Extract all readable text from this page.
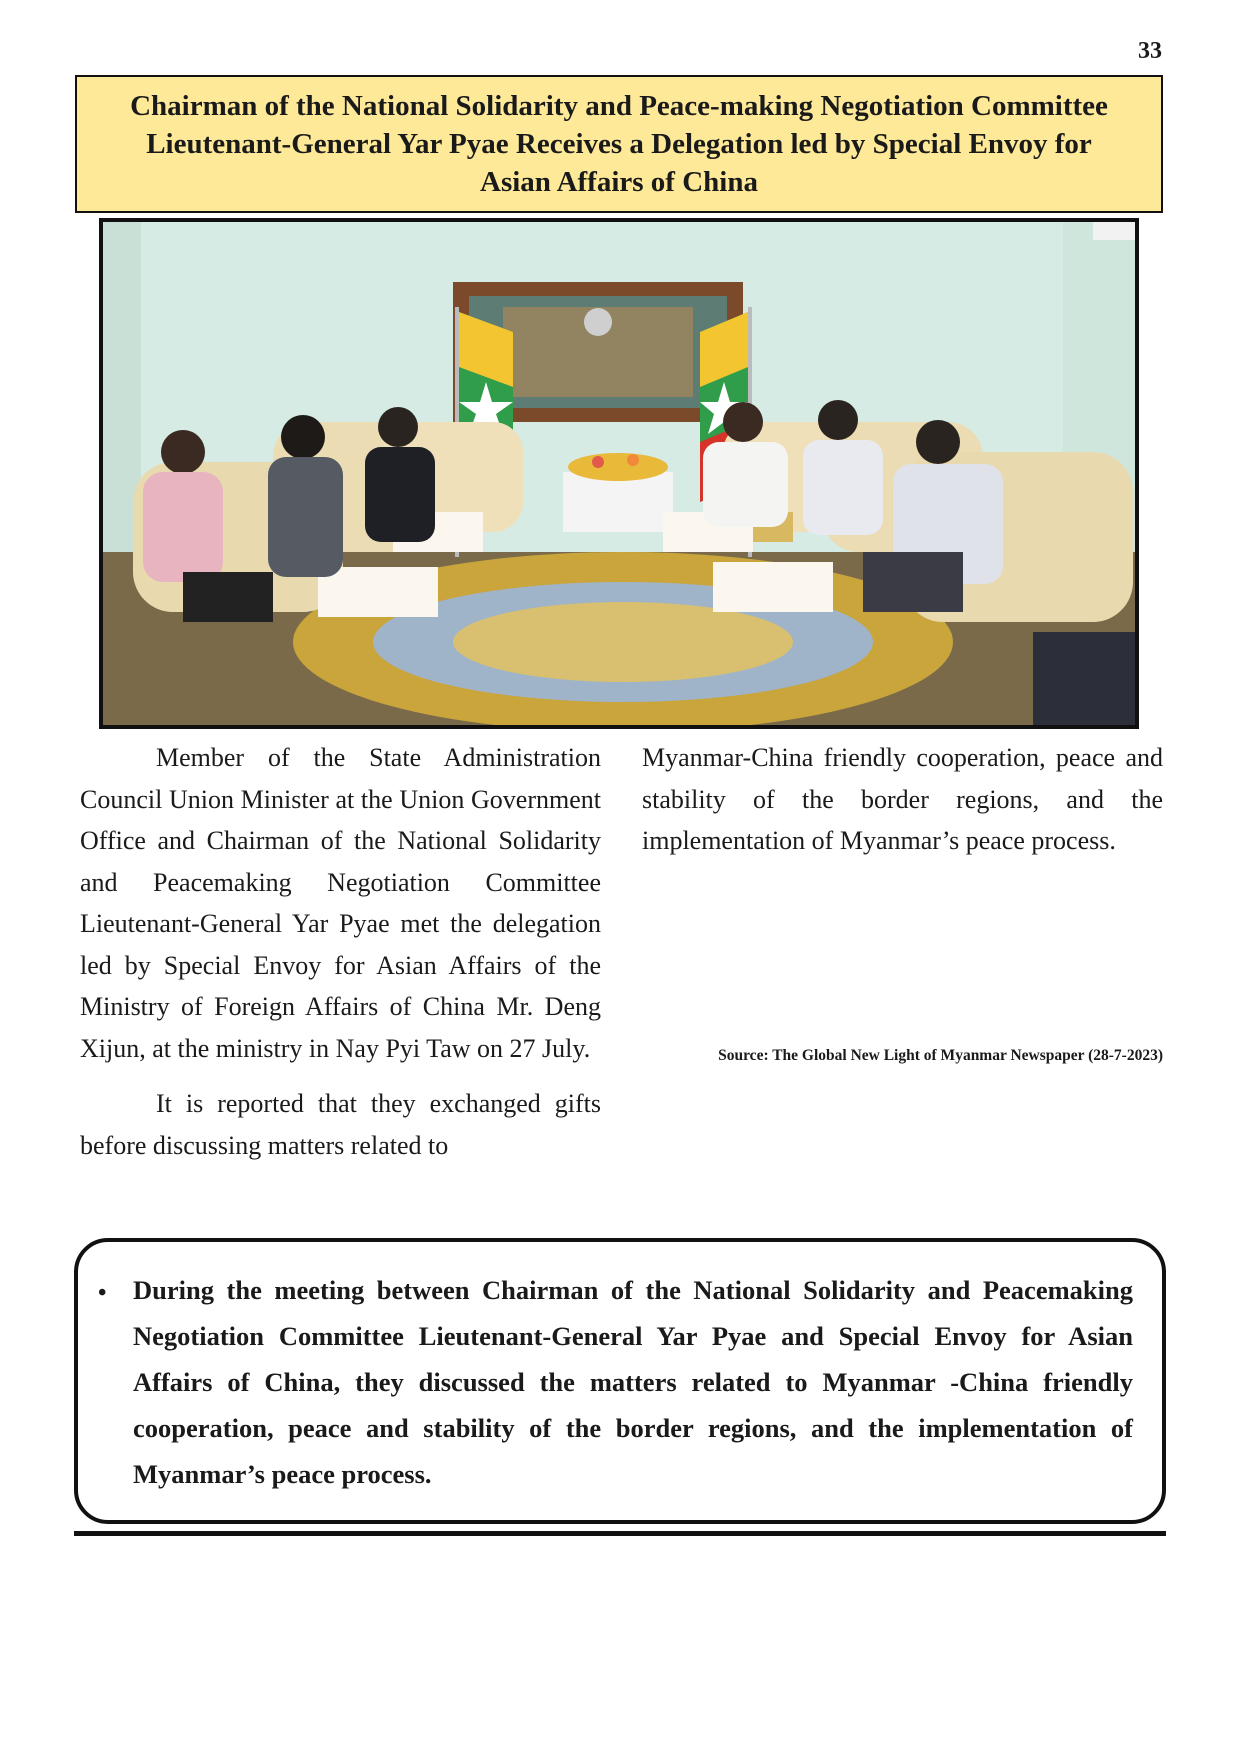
33
Chairman of the National Solidarity and Peace-making Negotiation Committee
Lieutenant-General Yar Pyae Receives a Delegation led by Special Envoy for
Asian Affairs of China

Member of the State Administration Council Union Minister at the Union Government Office and Chairman of the National Solidarity and Peacemaking Negotiation Committee Lieutenant-General Yar Pyae met the delegation led by Special Envoy for Asian Affairs of the Ministry of Foreign Affairs of China Mr. Deng Xijun, at the ministry in Nay Pyi Taw on 27 July.

It is reported that they exchanged gifts before discussing matters related to

Myanmar-China friendly cooperation, peace and stability of the border regions, and the implementation of Myanmar’s peace process.

Source: The Global New Light of Myanmar Newspaper (28-7-2023)
• During the meeting between Chairman of the National Solidarity and Peacemaking Negotiation Committee Lieutenant-General Yar Pyae and Special Envoy for Asian Affairs of China, they discussed the matters related to Myanmar -China friendly cooperation, peace and stability of the border regions, and the implementation of Myanmar’s peace process.
